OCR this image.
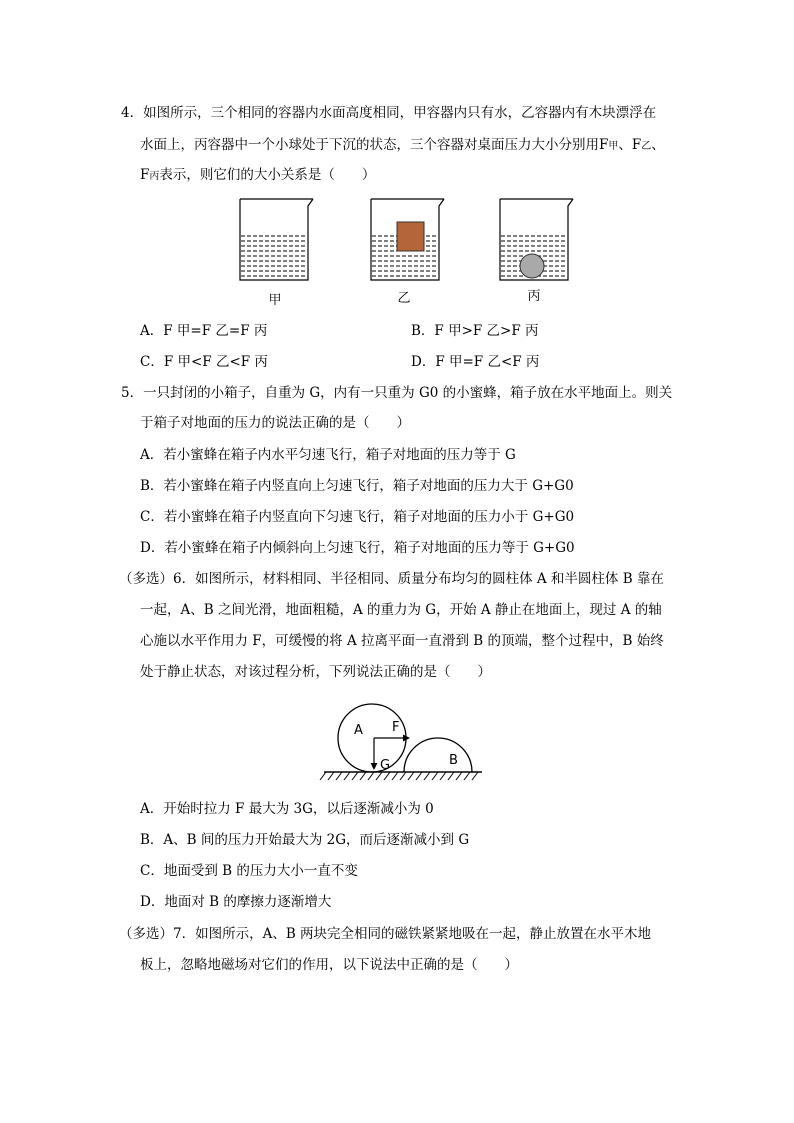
4．如图所示，三个相同的容器内水面高度相同，甲容器内只有水，乙容器内有木块漂浮在
水面上，丙容器中一个小球处于下沉的状态，三个容器对桌面压力大小分别用F甲、F乙、
F丙表示，则它们的大小关系是（　　）
甲	乙	丙
A．F 甲=F 乙=F 丙	B．F 甲>F 乙>F 丙
C．F 甲<F 乙<F 丙	D．F 甲=F 乙<F 丙
5．一只封闭的小箱子，自重为 G，内有一只重为 G0 的小蜜蜂，箱子放在水平地面上。则关
于箱子对地面的压力的说法正确的是（　　）
A．若小蜜蜂在箱子内水平匀速飞行，箱子对地面的压力等于 G
B．若小蜜蜂在箱子内竖直向上匀速飞行，箱子对地面的压力大于 G+G0
C．若小蜜蜂在箱子内竖直向下匀速飞行，箱子对地面的压力小于 G+G0
D．若小蜜蜂在箱子内倾斜向上匀速飞行，箱子对地面的压力等于 G+G0
（多选）6．如图所示，材料相同、半径相同、质量分布均匀的圆柱体 A 和半圆柱体 B 靠在
一起，A、B 之间光滑，地面粗糙，A 的重力为 G，开始 A 静止在地面上，现过 A 的轴
心施以水平作用力 F，可缓慢的将 A 拉离平面一直滑到 B 的顶端，整个过程中，B 始终
处于静止状态，对该过程分析，下列说法正确的是（　　）
A F
G	B
A．开始时拉力 F 最大为 3G，以后逐渐减小为 0
B．A、B 间的压力开始最大为 2G，而后逐渐减小到 G
C．地面受到 B 的压力大小一直不变
D．地面对 B 的摩擦力逐渐增大
（多选）7．如图所示，A、B 两块完全相同的磁铁紧紧地吸在一起，静止放置在水平木地
板上，忽略地磁场对它们的作用，以下说法中正确的是（　　）
